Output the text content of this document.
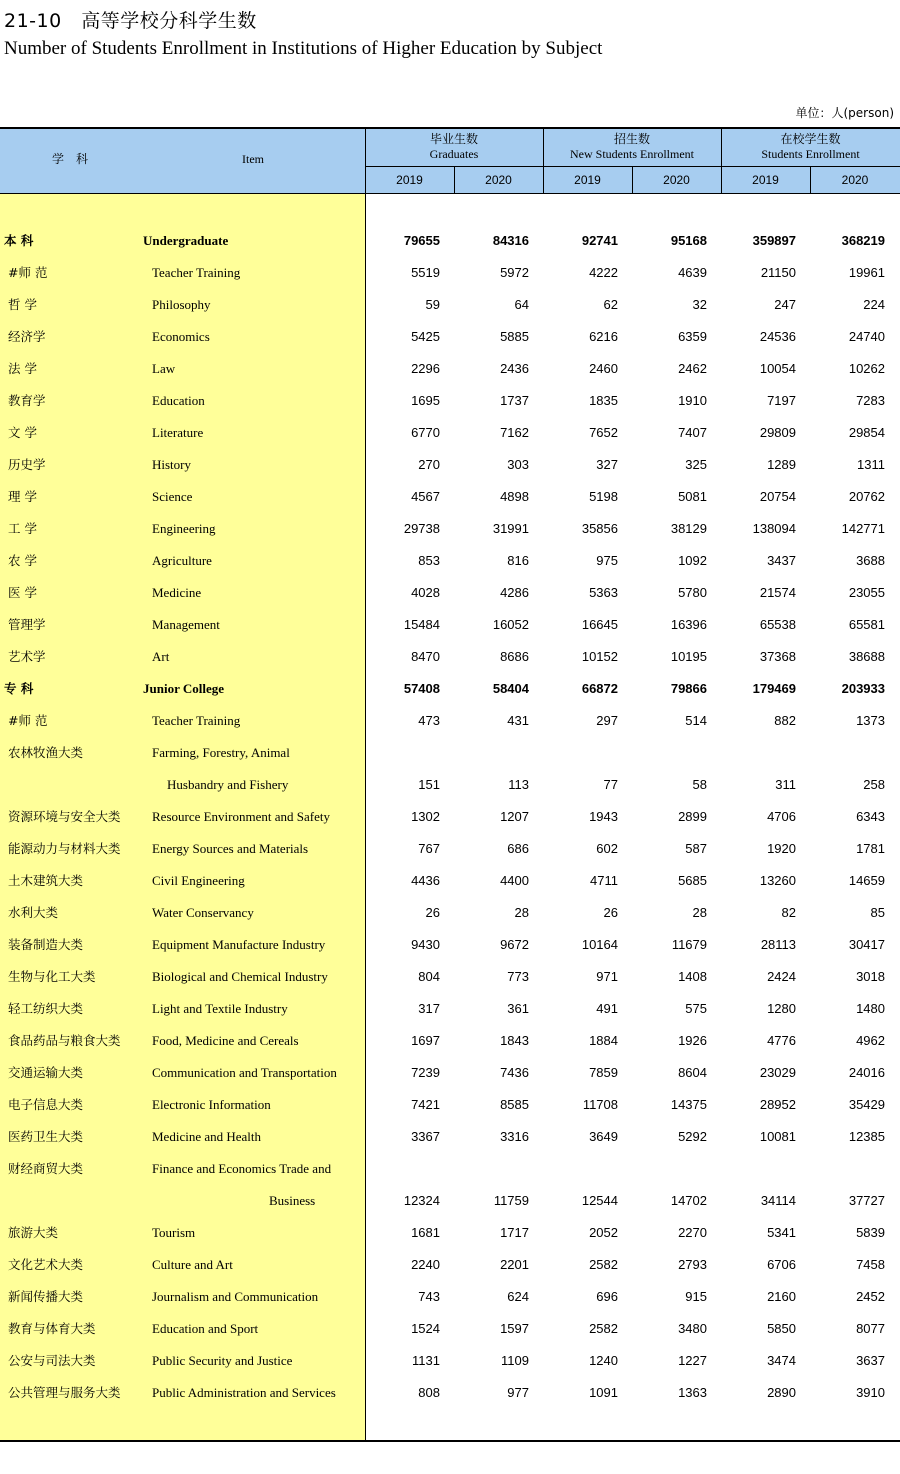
21-10　高等学校分科学生数
Number of Students Enrollment in Institutions of Higher Education by Subject
单位：人(person)
学　科	Item
毕业生数
Graduates
招生数
New Students Enrollment
在校学生数
Students Enrollment
2019	2020	2019	2020	2019	2020
本 科	Undergraduate	79655	84316	92741	95168	359897	368219
#师 范	Teacher Training	5519	5972	4222	4639	21150	19961
哲 学	Philosophy	59	64	62	32	247	224
经济学	Economics	5425	5885	6216	6359	24536	24740
法 学	Law	2296	2436	2460	2462	10054	10262
教育学	Education	1695	1737	1835	1910	7197	7283
文 学	Literature	6770	7162	7652	7407	29809	29854
历史学	History	270	303	327	325	1289	1311
理 学	Science	4567	4898	5198	5081	20754	20762
工 学	Engineering	29738	31991	35856	38129	138094	142771
农 学	Agriculture	853	816	975	1092	3437	3688
医 学	Medicine	4028	4286	5363	5780	21574	23055
管理学	Management	15484	16052	16645	16396	65538	65581
艺术学	Art	8470	8686	10152	10195	37368	38688
专 科	Junior College	57408	58404	66872	79866	179469	203933
#师 范	Teacher Training	473	431	297	514	882	1373
农林牧渔大类	Farming, Forestry, Animal
Husbandry and Fishery	151	113	77	58	311	258
资源环境与安全大类 Resource Environment and Safety	1302	1207	1943	2899	4706	6343
能源动力与材料大类 Energy Sources and Materials	767	686	602	587	1920	1781
土木建筑大类	Civil Engineering	4436	4400	4711	5685	13260	14659
水利大类	Water Conservancy	26	28	26	28	82	85
装备制造大类	Equipment Manufacture Industry	9430	9672	10164	11679	28113	30417
生物与化工大类	Biological and Chemical Industry	804	773	971	1408	2424	3018
轻工纺织大类	Light and Textile Industry	317	361	491	575	1280	1480
食品药品与粮食大类 Food, Medicine and Cereals	1697	1843	1884	1926	4776	4962
交通运输大类	Communication and Transportation	7239	7436	7859	8604	23029	24016
电子信息大类	Electronic Information	7421	8585	11708	14375	28952	35429
医药卫生大类	Medicine and Health	3367	3316	3649	5292	10081	12385
财经商贸大类	Finance and Economics Trade and
Business	12324	11759	12544	14702	34114	37727
旅游大类	Tourism	1681	1717	2052	2270	5341	5839
文化艺术大类	Culture and Art	2240	2201	2582	2793	6706	7458
新闻传播大类	Journalism and Communication	743	624	696	915	2160	2452
教育与体育大类	Education and Sport	1524	1597	2582	3480	5850	8077
公安与司法大类	Public Security and Justice	1131	1109	1240	1227	3474	3637
公共管理与服务大类 Public Administration and Services	808	977	1091	1363	2890	3910
